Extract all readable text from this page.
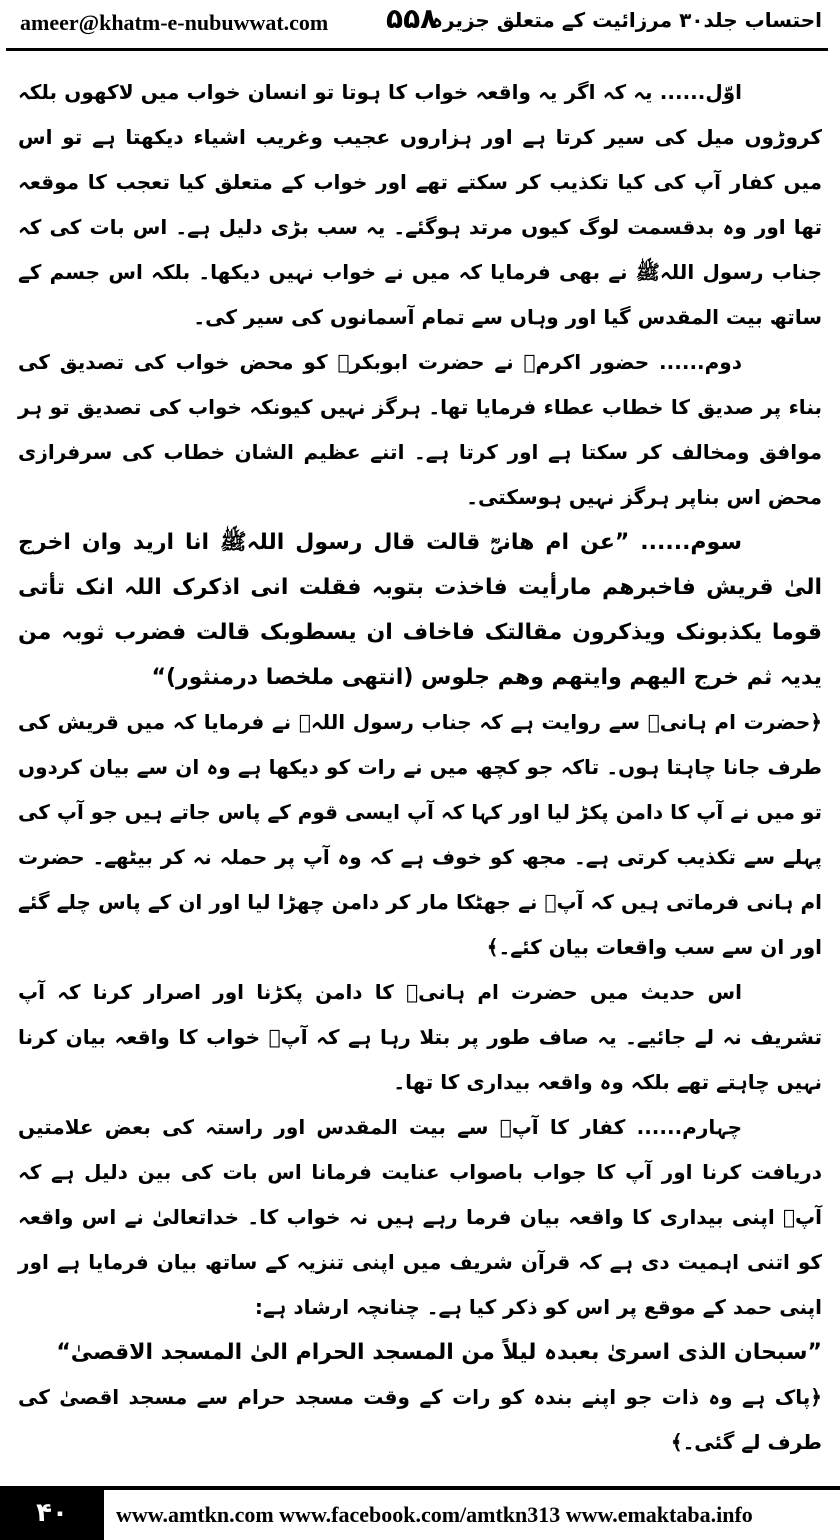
ameer@khatm-e-nubuwwat.com ۵۵۸
احتساب جلد۳۰ مرزائیت کے متعلق جزیرہ

اوّل...... یہ کہ اگر یہ واقعہ خواب کا ہوتا تو انسان خواب میں لاکھوں بلکہ کروڑوں میل کی سیر کرتا ہے اور ہزاروں عجیب وغریب اشیاء دیکھتا ہے تو اس میں کفار آپ کی کیا تکذیب کر سکتے تھے اور خواب کے متعلق کیا تعجب کا موقعہ تھا اور وہ بدقسمت لوگ کیوں مرتد ہوگئے۔ یہ سب بڑی دلیل ہے۔ اس بات کی کہ جناب رسول اللہﷺ نے بھی فرمایا کہ میں نے خواب نہیں دیکھا۔ بلکہ اس جسم کے ساتھ بیت المقدس گیا اور وہاں سے تمام آسمانوں کی سیر کی۔

دوم...... حضور اکرمﷺ نے حضرت ابوبکرؓ کو محض خواب کی تصدیق کی بناء پر صدیق کا خطاب عطاء فرمایا تھا۔ ہرگز نہیں کیونکہ خواب کی تصدیق تو ہر موافق ومخالف کر سکتا ہے اور کرتا ہے۔ اتنے عظیم الشان خطاب کی سرفرازی محض اس بناپر ہرگز نہیں ہوسکتی۔

سوم...... ”عن ام ھانیؓ قالت قال رسول اللہﷺ انا ارید وان اخرج الیٰ قریش فاخبرھم مارأیت فاخذت بتوبہ فقلت انی اذکرک اللہ انک تأتی قوما یکذبونک ویذکرون مقالتک فاخاف ان یسطوبک قالت فضرب ثوبہ من یدیہ ثم خرج الیھم وایتھم وھم جلوس (انتھی ملخصا درمنثور)“

﴿حضرت ام ہانیؓ سے روایت ہے کہ جناب رسول اللہﷺ نے فرمایا کہ میں قریش کی طرف جانا چاہتا ہوں۔ تاکہ جو کچھ میں نے رات کو دیکھا ہے وہ ان سے بیان کردوں تو میں نے آپ کا دامن پکڑ لیا اور کہا کہ آپ ایسی قوم کے پاس جاتے ہیں جو آپ کی پہلے سے تکذیب کرتی ہے۔ مجھ کو خوف ہے کہ وہ آپ پر حملہ نہ کر بیٹھے۔ حضرت ام ہانی فرماتی ہیں کہ آپؐ نے جھٹکا مار کر دامن چھڑا لیا اور ان کے پاس چلے گئے اور ان سے سب واقعات بیان کئے۔﴾

اس حدیث میں حضرت ام ہانیؓ کا دامن پکڑنا اور اصرار کرنا کہ آپ تشریف نہ لے جائیے۔ یہ صاف طور پر بتلا رہا ہے کہ آپؐ خواب کا واقعہ بیان کرنا نہیں چاہتے تھے بلکہ وہ واقعہ بیداری کا تھا۔

چہارم...... کفار کا آپؐ سے بیت المقدس اور راستہ کی بعض علامتیں دریافت کرنا اور آپ کا جواب باصواب عنایت فرمانا اس بات کی بین دلیل ہے کہ آپؐ اپنی بیداری کا واقعہ بیان فرما رہے ہیں نہ خواب کا۔ خداتعالیٰ نے اس واقعہ کو اتنی اہمیت دی ہے کہ قرآن شریف میں اپنی تنزیہ کے ساتھ بیان فرمایا ہے اور اپنی حمد کے موقع پر اس کو ذکر کیا ہے۔ چنانچہ ارشاد ہے:

”سبحان الذی اسریٰ بعبدہ لیلاً من المسجد الحرام الیٰ المسجد الاقصیٰ“

﴿پاک ہے وہ ذات جو اپنے بندہ کو رات کے وقت مسجد حرام سے مسجد اقصیٰ کی طرف لے گئی۔﴾

۴۰	www.amtkn.com www.facebook.com/amtkn313 www.emaktaba.info
